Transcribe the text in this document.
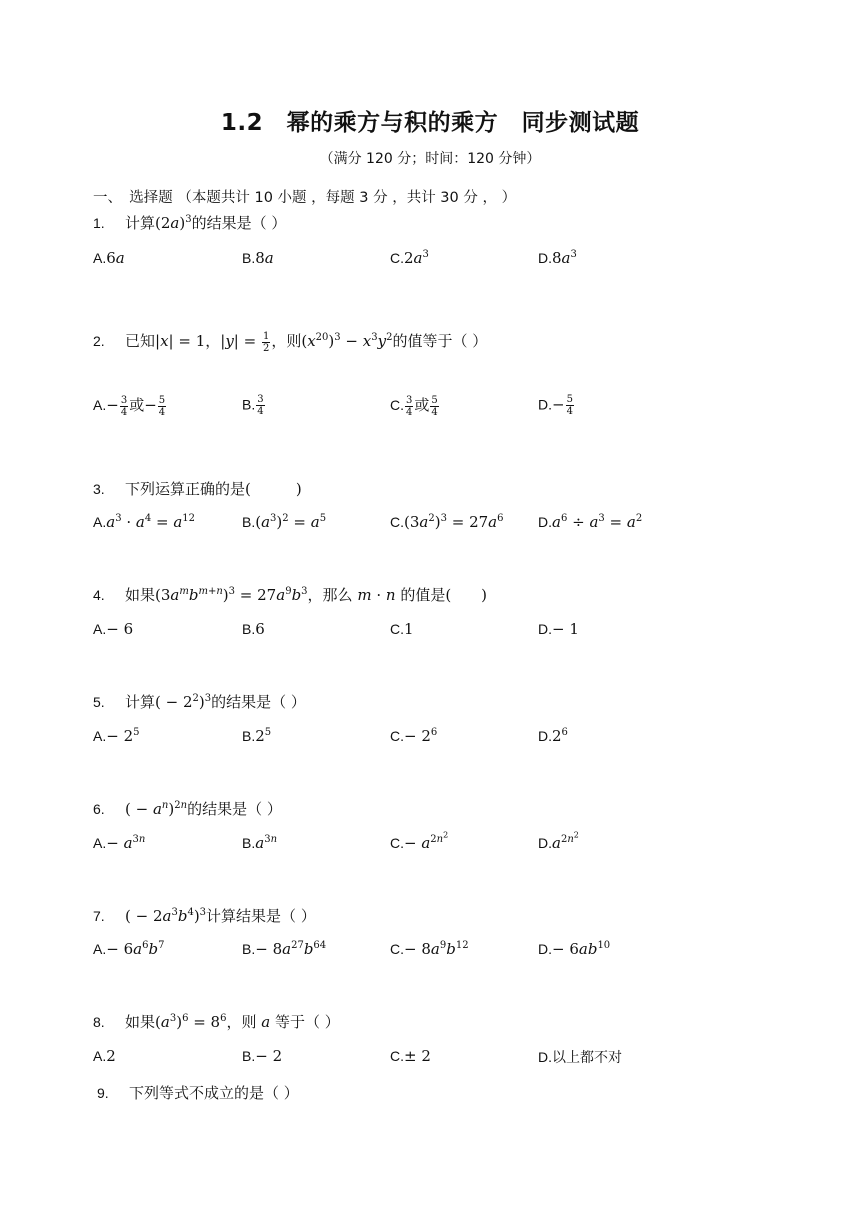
1.2　幂的乘方与积的乘方　同步测试题
（满分 120 分；时间：120 分钟）
一、　选择题 （本题共计 10 小题 ，每题 3 分 ，共计 30 分 ， ）
1. 计算$(2a)^3$的结果是（ ）
A.6a	B.8a	$C.2a^3$	$D.8a^3$
2. 已知|x| = 1，$|y| = \frac{1}{2}$ ，则$(x^{20})^3 - x^3y^2$的值等于（ ）
$A.- \frac{3}{4}$ 或− $\frac{5}{4}$	B. $\frac{3}{4}$	C. $\frac{3}{4}$ 或 $\frac{5}{4}$	$D.- \frac{5}{4}$
3. 下列运算正确的是(　　　)
$A.a^3 \cdot a^4 = a^{12}$	$B.(a^3)^2 = a^5$	$C.(3a^2)^3 = 27a^6$ $D.a^6 \div a^3 = a^2$
4. 如果$(3a^mb^{m+n})^3 = 27a^9b^3$，那么 m · n 的值是(　　)
A.− 6	B.6	C.1	D.− 1
5. 计算( − $2^2)^3$的结果是（ ）
$A.- 2^5$	$B.2^5$	$C.- 2^6$	$D.2^6$
6. ( − $a^n)^{2n}$的结果是（ ）
$A.- a^{3n}$	$B.a^{3n}$	$C.- a^{2n^2}$	$D.a^{2n^2}$
7. ( − $2a^3b^4)^3$计算结果是（ ）
$A.- 6a^6b^7$	$B.- 8a^{27}b^{64}$	$C.- 8a^9b^{12}$	$D.- 6ab^{10}$
8. 如果$(a^3)^6 = 8^6$，则 a 等于（ ）
A.2	B.− 2	C.± 2	D.以上都不对
9. 下列等式不成立的是（ ）
